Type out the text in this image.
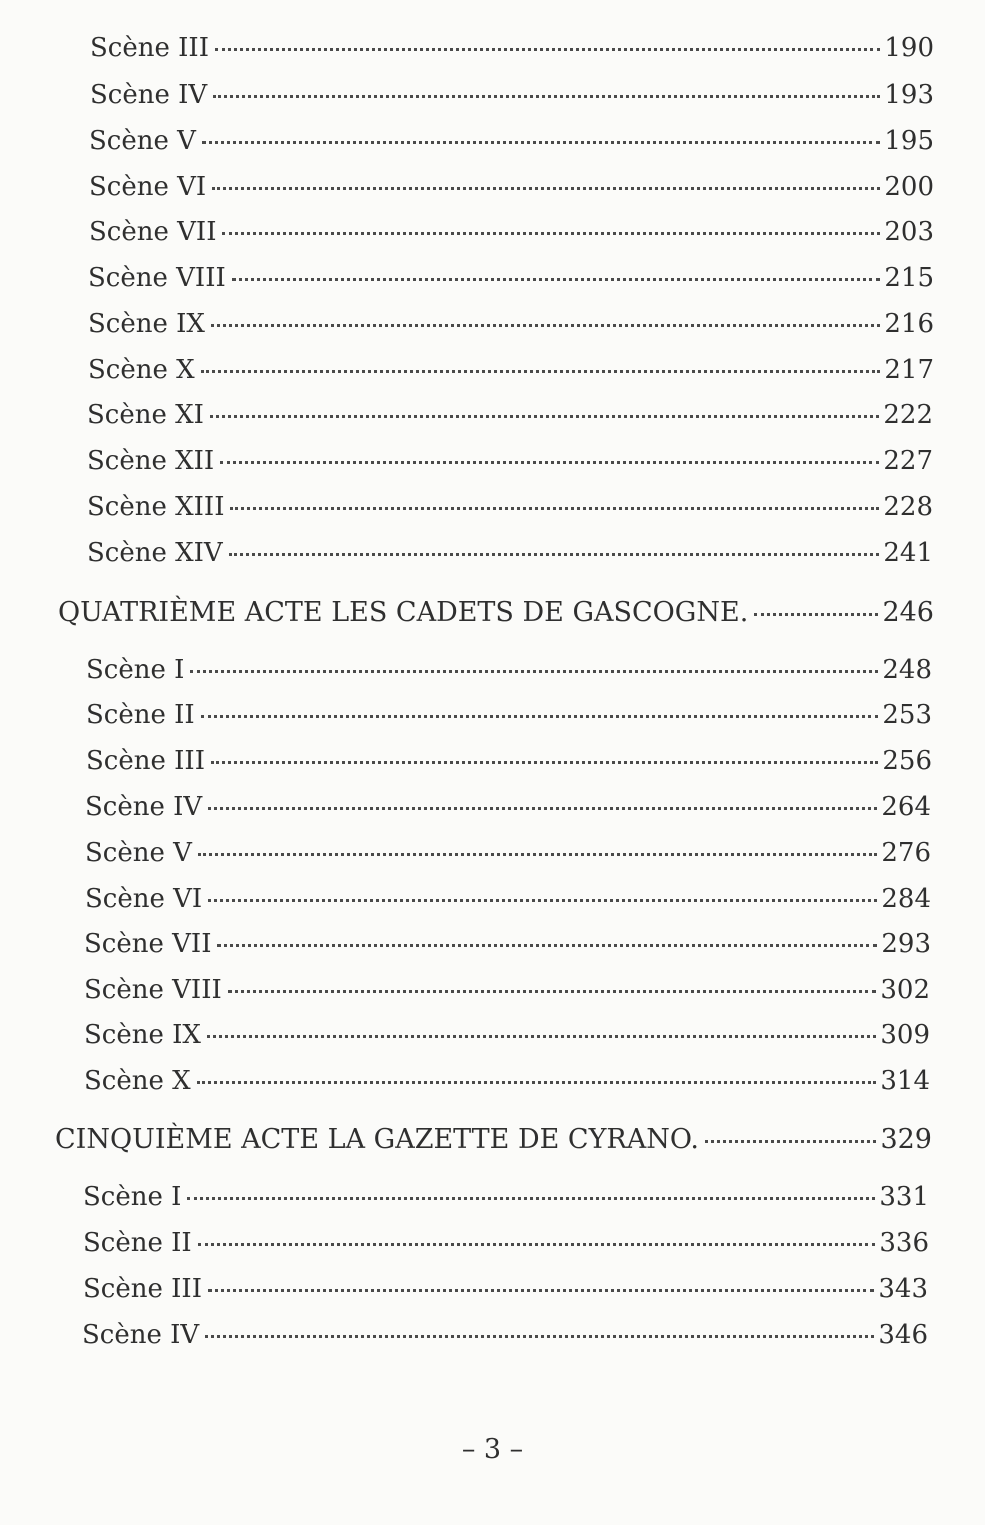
Scène III	190
Scène IV	193
Scène V	195
Scène VI	200
Scène VII	203
Scène VIII	215
Scène IX	216
Scène X	217
Scène XI	222
Scène XII	227
Scène XIII	228
Scène XIV	241
QUATRIÈME ACTE LES CADETS DE GASCOGNE.	246
Scène I	248
Scène II	253
Scène III	256
Scène IV	264
Scène V	276
Scène VI	284
Scène VII	293
Scène VIII	302
Scène IX	309
Scène X	314
CINQUIÈME ACTE LA GAZETTE DE CYRANO.	329
Scène I	331
Scène II	336
Scène III	343
Scène IV	346
– 3 –
